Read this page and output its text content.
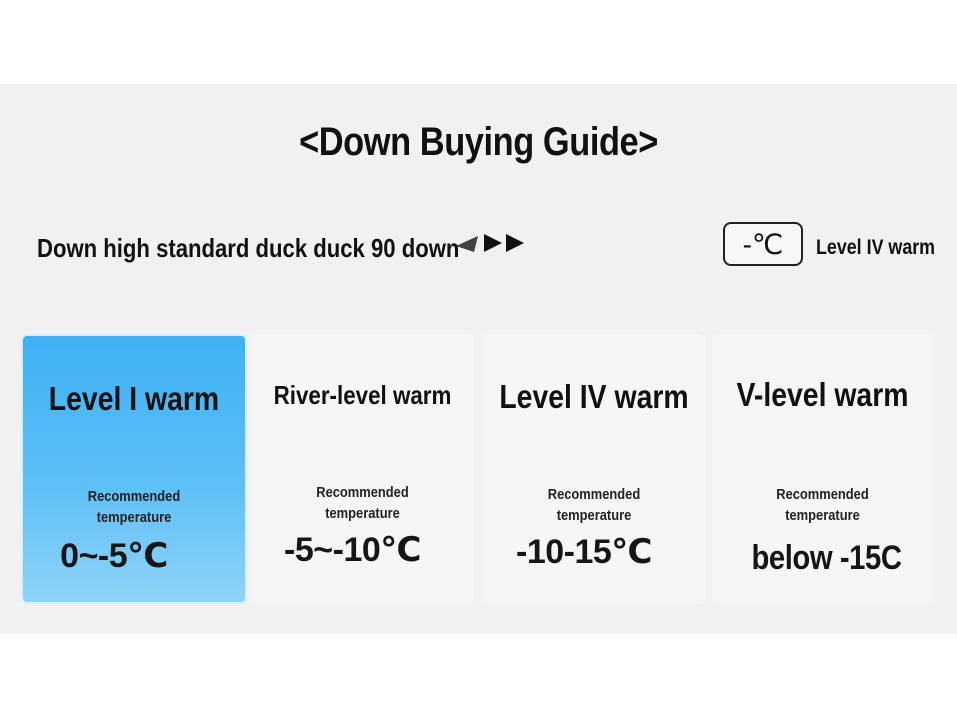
<Down Buying Guide>
Down high standard duck duck 90 down	-℃ Level IV warm
Level I warm
Recommended
temperature
0~-5℃
River-level warm
Recommended
temperature
-5~-10℃
Level IV warm
Recommended
temperature
-10-15℃
V-level warm
Recommended
temperature
below -15C
